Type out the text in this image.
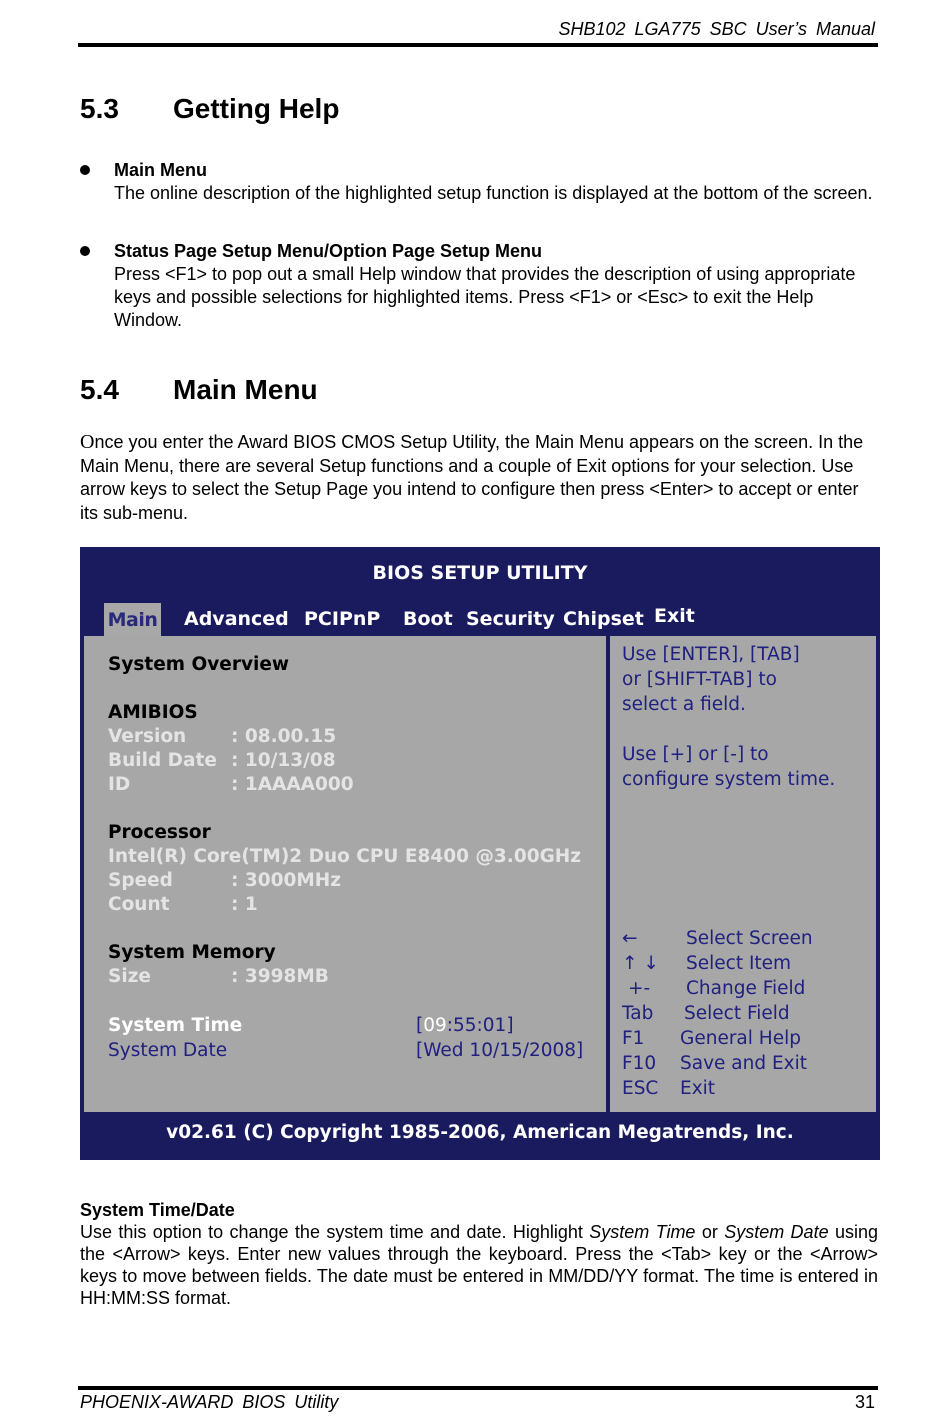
SHB102 LGA775 SBC User’s Manual
5.3 Getting Help
Main Menu
The online description of the highlighted setup function is displayed at the bottom of the screen.
Status Page Setup Menu/Option Page Setup Menu
Press <F1> to pop out a small Help window that provides the description of using appropriate keys and possible selections for highlighted items. Press <F1> or <Esc> to exit the Help Window.
5.4 Main Menu
Once you enter the Award BIOS CMOS Setup Utility, the Main Menu appears on the screen. In the Main Menu, there are several Setup functions and a couple of Exit options for your selection. Use arrow keys to select the Setup Page you intend to configure then press <Enter> to accept or enter its sub-menu.
BIOS SETUP UTILITY
Main Advanced PCIPnP Boot Security Chipset Exit
System Overview
AMIBIOS
Version : 08.00.15
Build Date : 10/13/08
ID	: 1AAAA000
Processor
Intel(R) Core(TM)2 Duo CPU E8400 @3.00GHz
Speed	: 3000MHz
Count	: 1
System Memory
Size	: 3998MB
System Time	[09:55:01]
System Date	[Wed 10/15/2008]
Use [ENTER], [TAB]
or [SHIFT-TAB] to
select a field.
Use [+] or [-] to
configure system time.
←	Select Screen
↑ ↓ Select Item
+- Change Field
Tab Select Field
F1 General Help
F10 Save and Exit
ESC Exit
v02.61 (C) Copyright 1985-2006, American Megatrends, Inc.
System Time/Date
Use this option to change the system time and date. Highlight System Time or System Date using the <Arrow> keys. Enter new values through the keyboard. Press the <Tab> key or the <Arrow> keys to move between fields. The date must be entered in MM/DD/YY format. The time is entered in HH:MM:SS format.
PHOENIX-AWARD BIOS Utility	31
